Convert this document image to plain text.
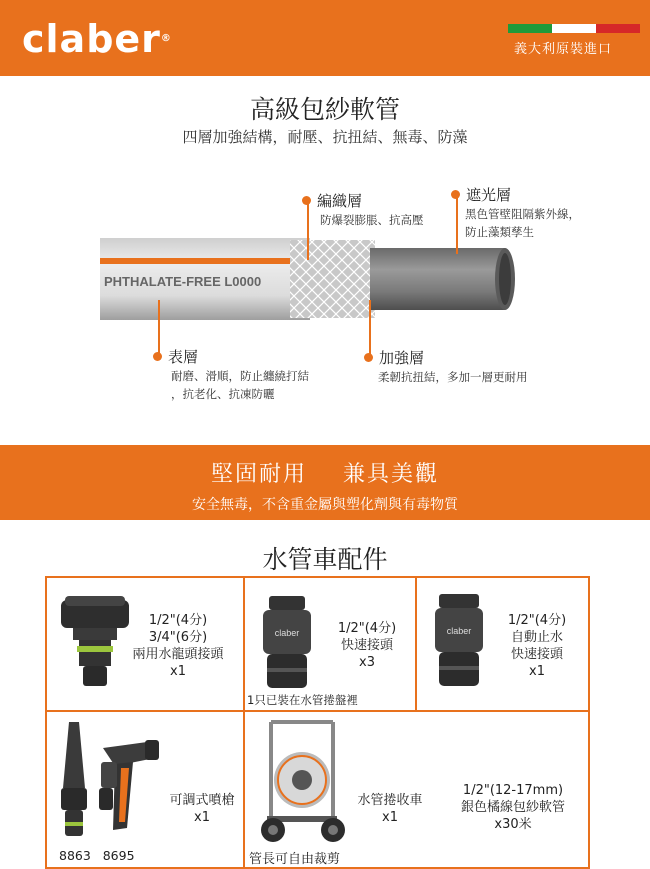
claber®
義大利原裝進口
高級包紗軟管
四層加強結構，耐壓、抗扭結、無毒、防藻
PHTHALATE-FREE L0000
編織層
防爆裂膨脹、抗高壓
遮光層
黑色管壁阻隔紫外線，
防止藻類孳生
表層
耐磨、滑順，防止纏繞打結
，抗老化、抗凍防曬
加強層
柔韌抗扭結，多加一層更耐用
堅固耐用    兼具美觀
安全無毒，不含重金屬與塑化劑與有毒物質
水管車配件
1/2"(4分)
3/4"(6分)
兩用水龍頭接頭
x1
claber	1/2"(4分)
快速接頭
x3
1只已裝在水管捲盤裡
claber
1/2"(4分)
自動止水
快速接頭
x1
8863   8695
可調式噴槍
x1
管長可自由裁剪
水管捲收車
x1
1/2"(12-17mm)
銀色橘線包紗軟管
x30米
